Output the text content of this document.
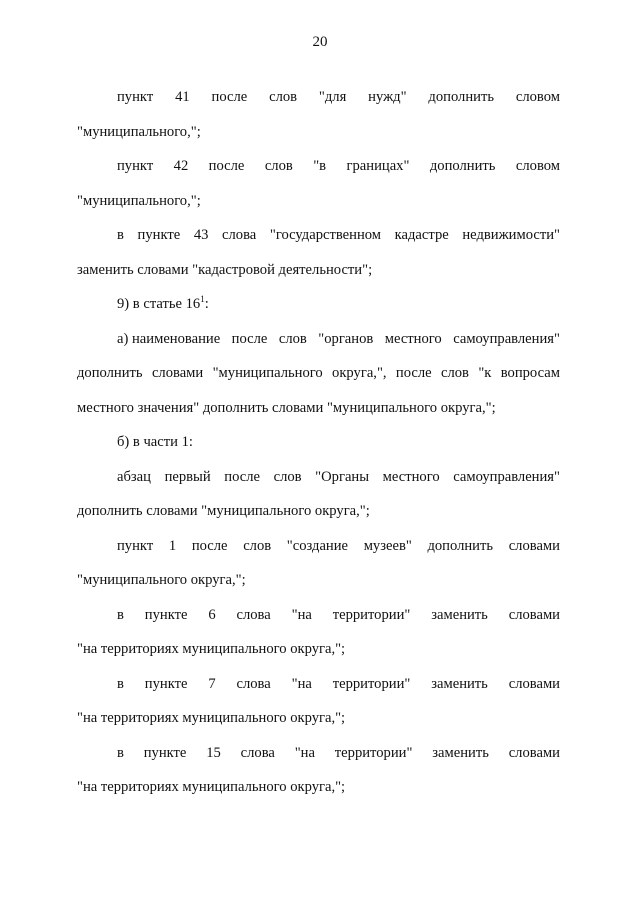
20
пункт 41 после слов "для нужд" дополнить словом
"муниципального,";
пункт 42 после слов "в границах" дополнить словом
"муниципального,";
в пункте 43 слова "государственном кадастре недвижимости"
заменить словами "кадастровой деятельности";
9) в статье $16^1$:
а) наименование после слов "органов местного самоуправления"
дополнить словами "муниципального округа,", после слов "к вопросам
местного значения" дополнить словами "муниципального округа,";
б) в части 1:
абзац первый после слов "Органы местного самоуправления"
дополнить словами "муниципального округа,";
пункт 1 после слов "создание музеев" дополнить словами
"муниципального округа,";
в пункте 6 слова "на территории" заменить словами
"на территориях муниципального округа,";
в пункте 7 слова "на территории" заменить словами
"на территориях муниципального округа,";
в пункте 15 слова "на территории" заменить словами
"на территориях муниципального округа,";
